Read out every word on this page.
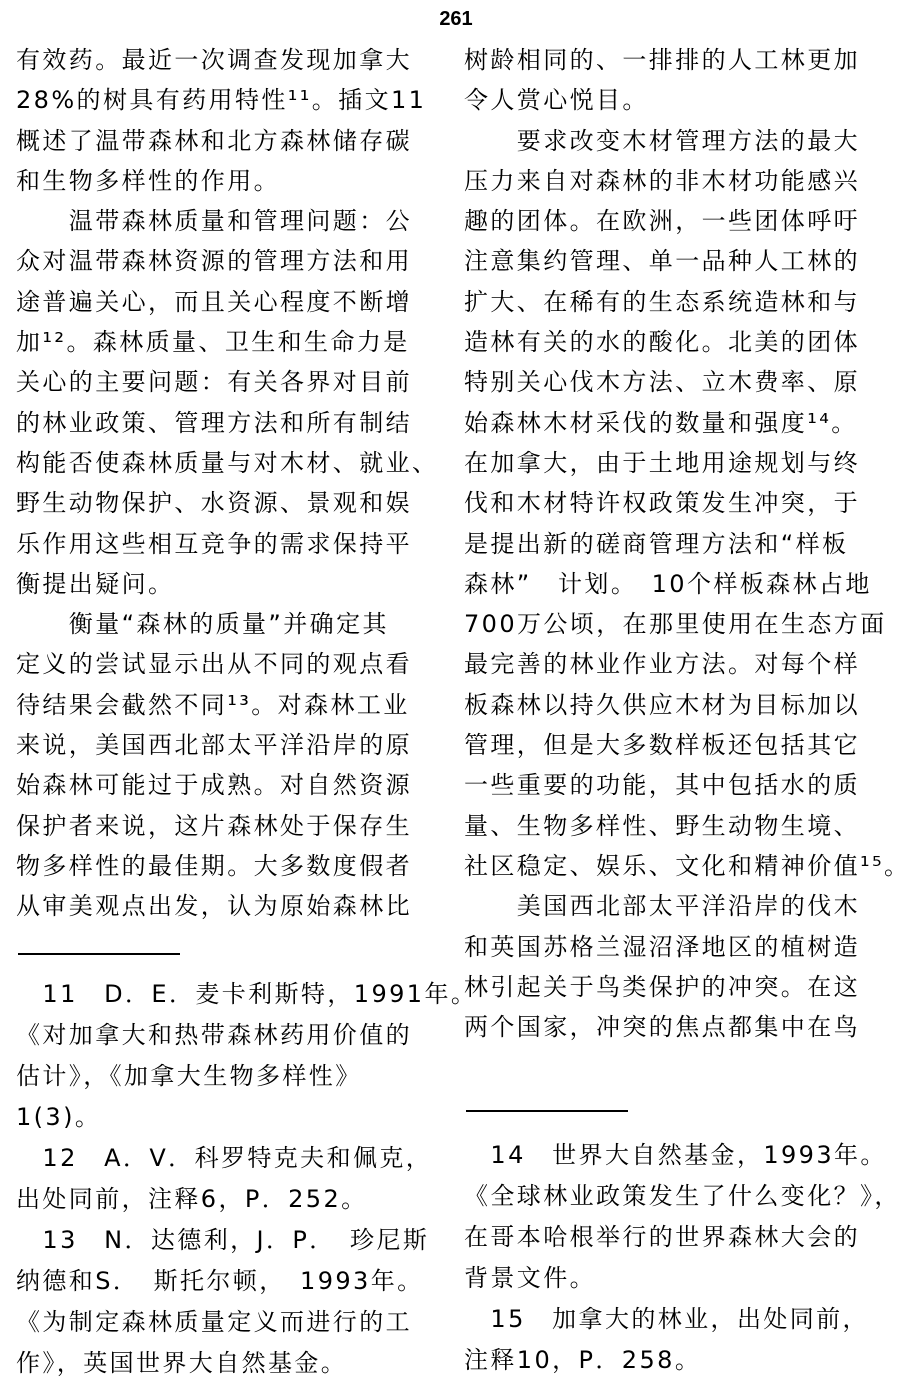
261
有效药。最近一次调查发现加拿大
28%的树具有药用特性¹¹。插文11
概述了温带森林和北方森林储存碳
和生物多样性的作用。
　　温带森林质量和管理问题：公
众对温带森林资源的管理方法和用
途普遍关心，而且关心程度不断增
加¹²。森林质量、卫生和生命力是
关心的主要问题：有关各界对目前
的林业政策、管理方法和所有制结
构能否使森林质量与对木材、就业、
野生动物保护、水资源、景观和娱
乐作用这些相互竞争的需求保持平
衡提出疑问。
　　衡量“森林的质量”并确定其
定义的尝试显示出从不同的观点看
待结果会截然不同¹³。对森林工业
来说，美国西北部太平洋沿岸的原
始森林可能过于成熟。对自然资源
保护者来说，这片森林处于保存生
物多样性的最佳期。大多数度假者
从审美观点出发，认为原始森林比
　11　D．E．麦卡利斯特，1991年。
《对加拿大和热带森林药用价值的
估计》，《加拿大生物多样性》
1(3)。
　12　A．V．科罗特克夫和佩克，
出处同前，注释6，P．252。
　13　N．达德利，J．P．　珍尼斯
纳德和S．　斯托尔顿，　1993年。
《为制定森林质量定义而进行的工
作》，英国世界大自然基金。
树龄相同的、一排排的人工林更加
令人赏心悦目。
　　要求改变木材管理方法的最大
压力来自对森林的非木材功能感兴
趣的团体。在欧洲，一些团体呼吁
注意集约管理、单一品种人工林的
扩大、在稀有的生态系统造林和与
造林有关的水的酸化。北美的团体
特别关心伐木方法、立木费率、原
始森林木材采伐的数量和强度¹⁴。
在加拿大，由于土地用途规划与终
伐和木材特许权政策发生冲突，于
是提出新的磋商管理方法和“样板
森林”　计划。　10个样板森林占地
700万公顷，在那里使用在生态方面
最完善的林业作业方法。对每个样
板森林以持久供应木材为目标加以
管理，但是大多数样板还包括其它
一些重要的功能，其中包括水的质
量、生物多样性、野生动物生境、
社区稳定、娱乐、文化和精神价值¹⁵。
　　美国西北部太平洋沿岸的伐木
和英国苏格兰湿沼泽地区的植树造
林引起关于鸟类保护的冲突。在这
两个国家，冲突的焦点都集中在鸟
　14　世界大自然基金，1993年。
《全球林业政策发生了什么变化？》，
在哥本哈根举行的世界森林大会的
背景文件。
　15　加拿大的林业，出处同前，
注释10，P．258。
